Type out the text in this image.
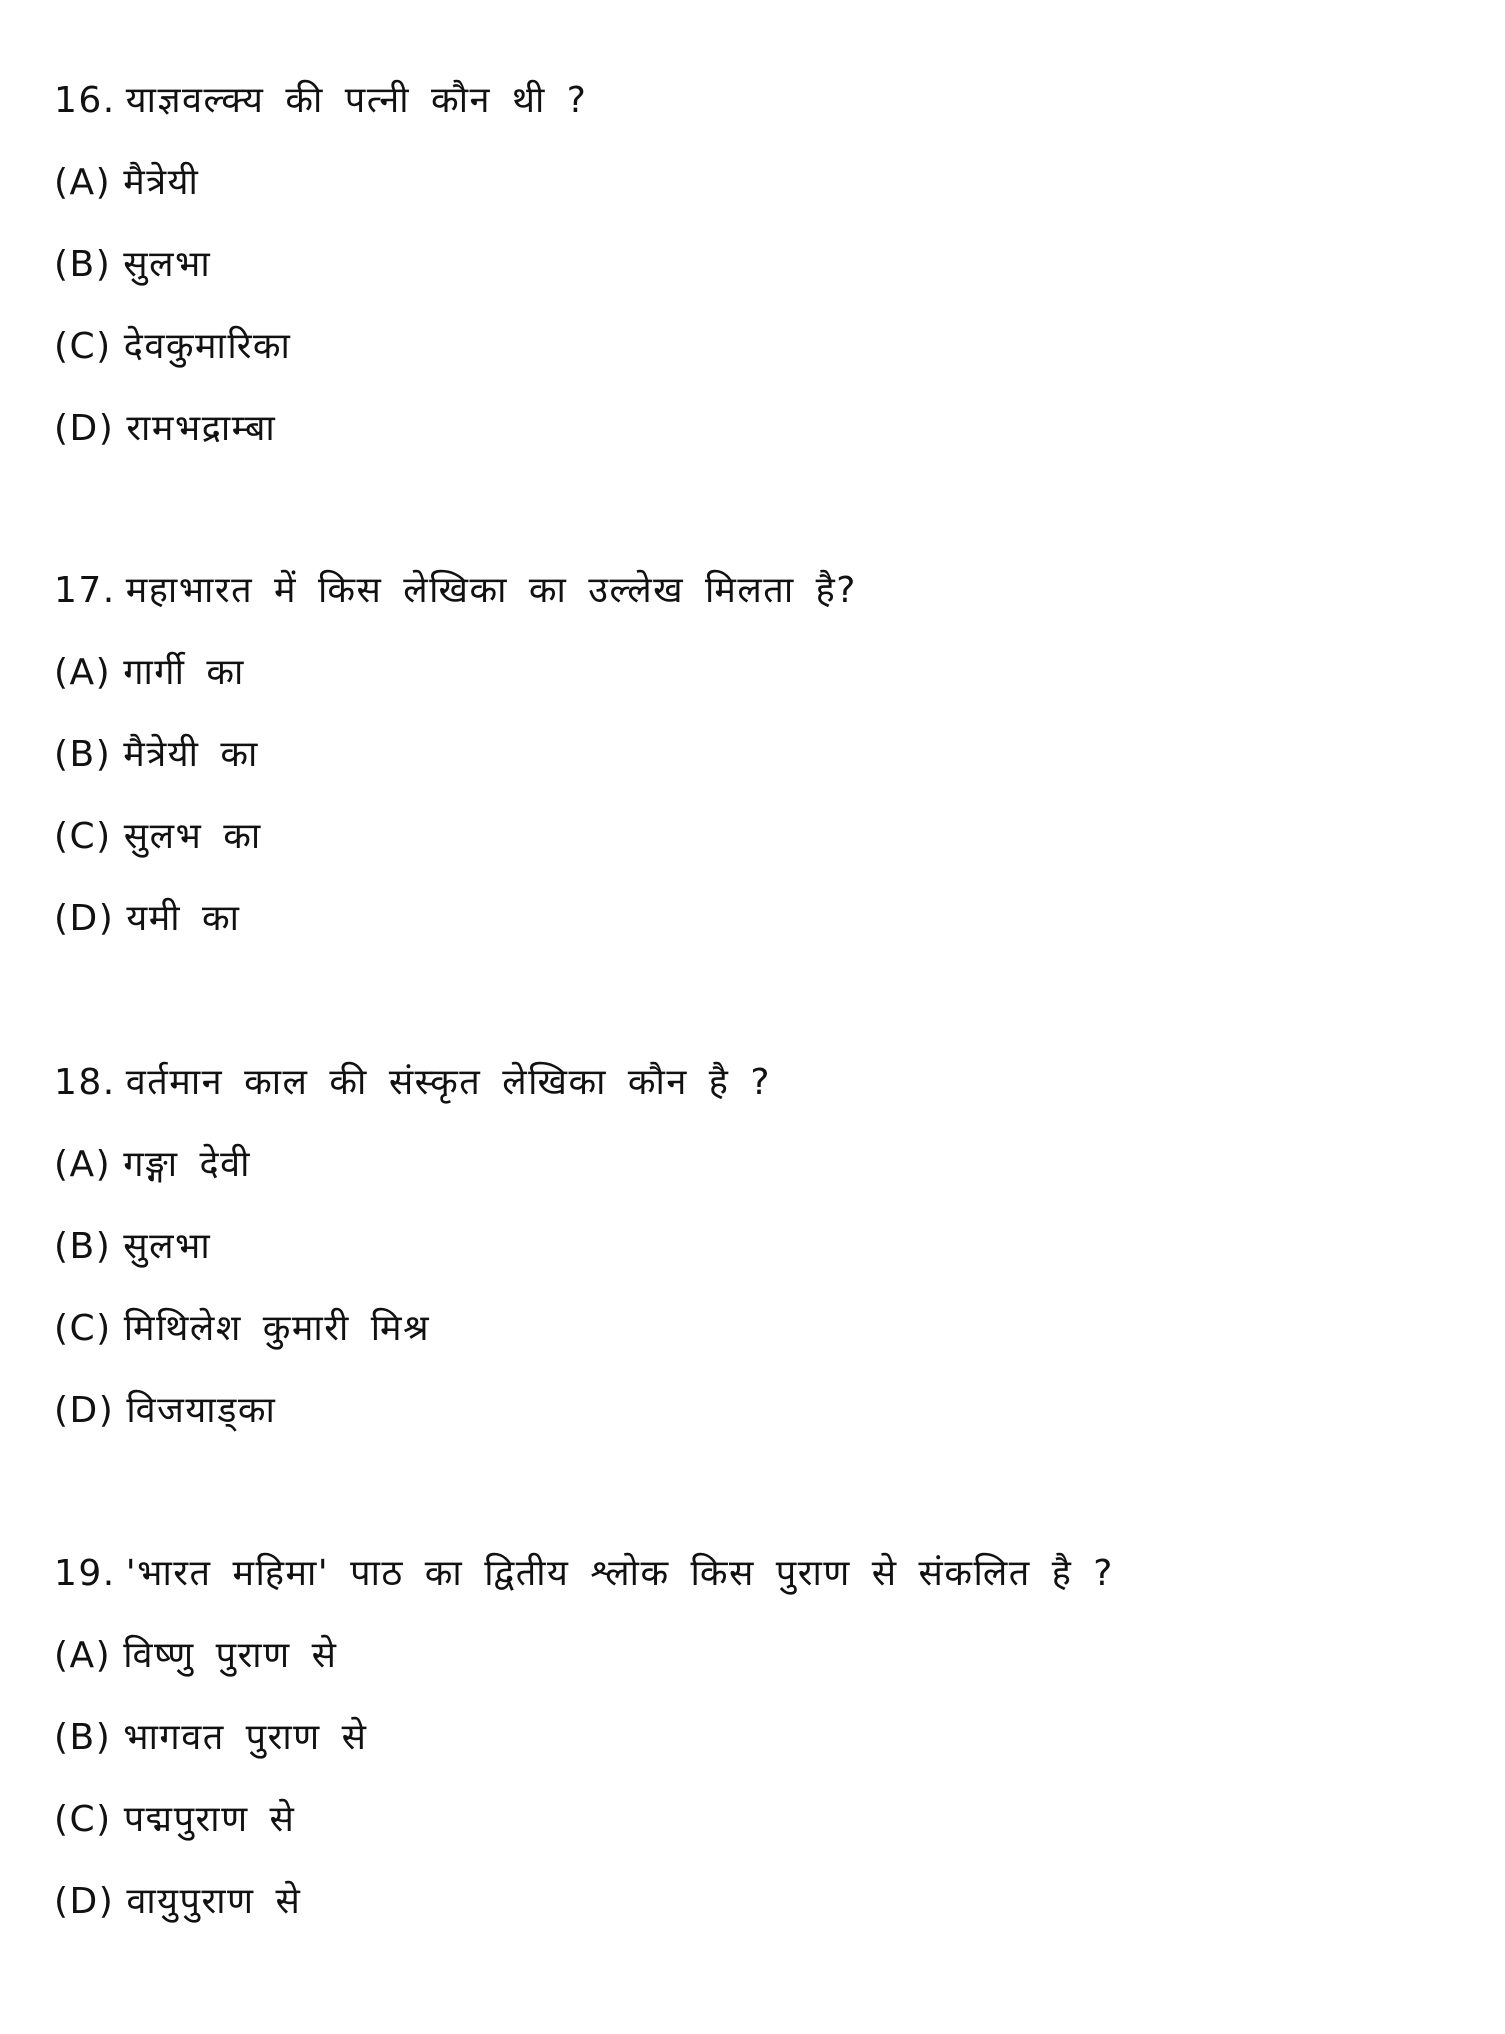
16. याज्ञवल्क्य की पत्नी कौन थी ?
(A) मैत्रेयी
(B) सुलभा
(C) देवकुमारिका
(D) रामभद्राम्बा
17. महाभारत में किस लेखिका का उल्लेख मिलता है?
(A) गार्गी का
(B) मैत्रेयी का
(C) सुलभ का
(D) यमी का
18. वर्तमान काल की संस्कृत लेखिका कौन है ?
(A) गङ्गा देवी
(B) सुलभा
(C) मिथिलेश कुमारी मिश्र
(D) विजयाड्का
19. 'भारत महिमा' पाठ का द्वितीय श्लोक किस पुराण से संकलित है ?
(A) विष्णु पुराण से
(B) भागवत पुराण से
(C) पद्मपुराण से
(D) वायुपुराण से
